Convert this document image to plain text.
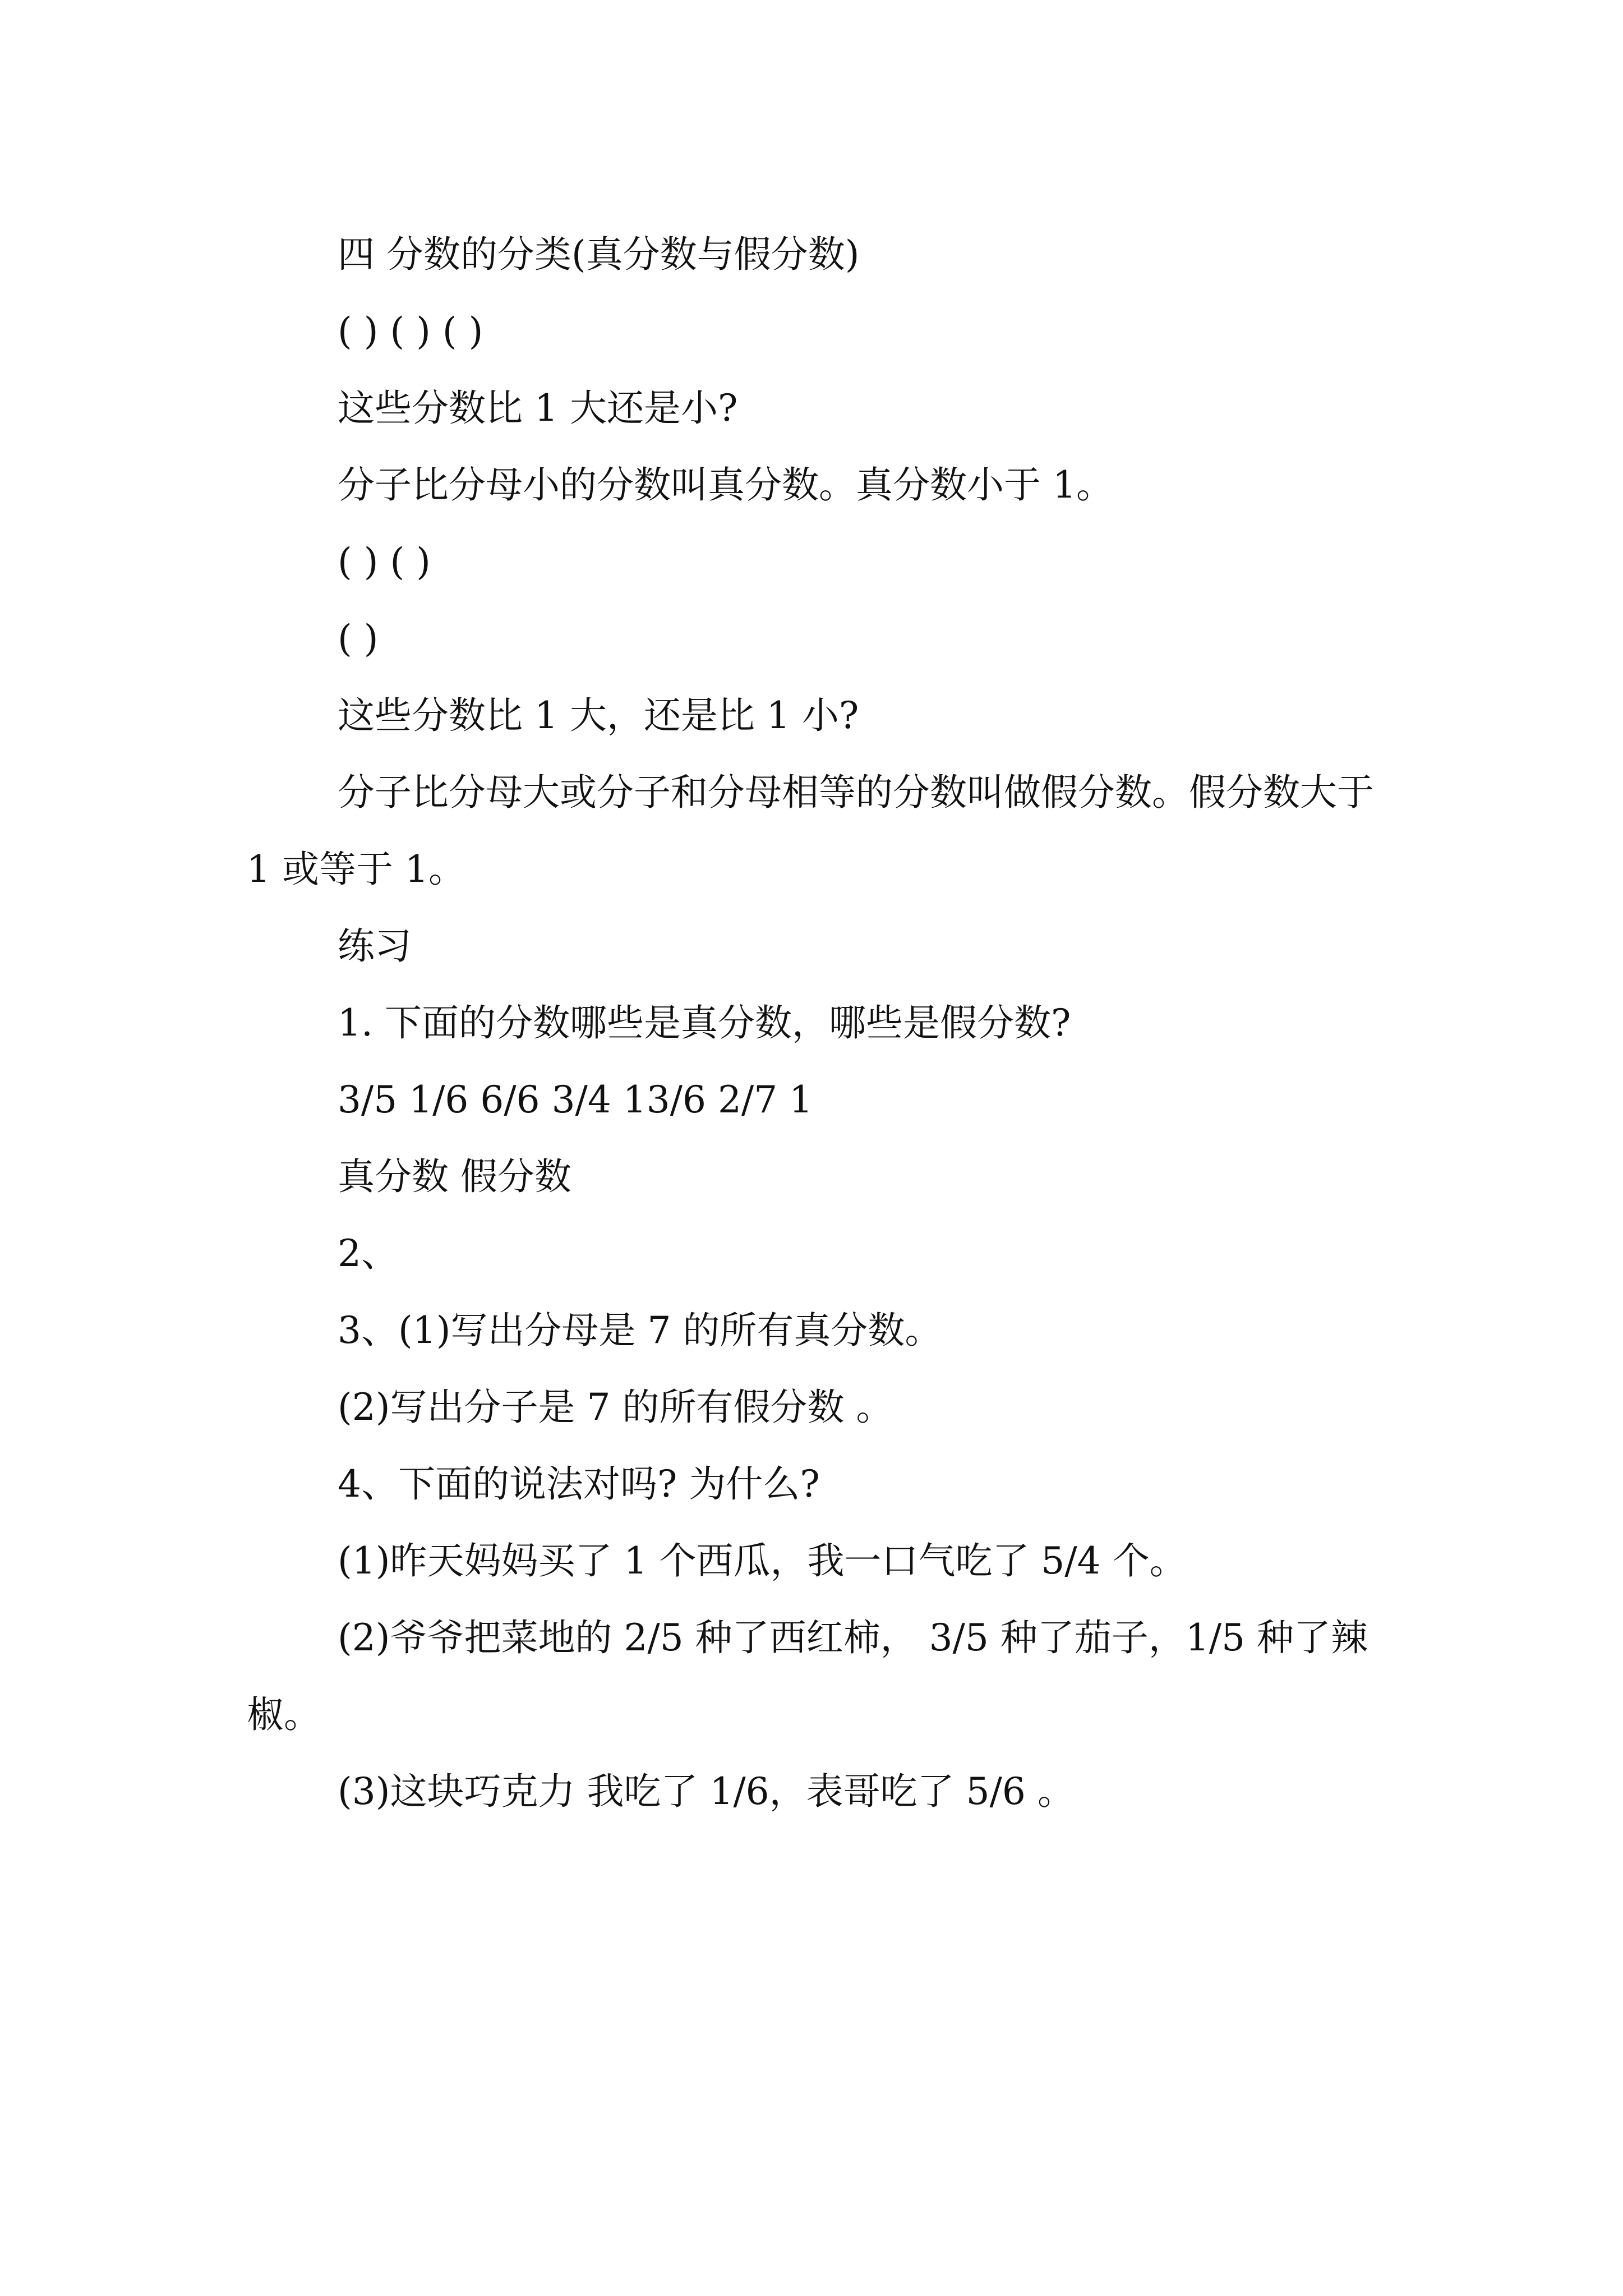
四 分数的分类(真分数与假分数)
( ) ( ) ( )
这些分数比 1 大还是小?
分子比分母小的分数叫真分数。真分数小于 1。
( ) ( )
( )
这些分数比 1 大，还是比 1 小?
分子比分母大或分子和分母相等的分数叫做假分数。假分数大于 1 或等于 1。
练习
1. 下面的分数哪些是真分数，哪些是假分数?
3/5 1/6 6/6 3/4 13/6 2/7 1
真分数 假分数
2、
3、(1)写出分母是 7 的所有真分数。
(2)写出分子是 7 的所有假分数 。
4、下面的说法对吗? 为什么?
(1)昨天妈妈买了 1 个西瓜，我一口气吃了 5/4 个。
(2)爷爷把菜地的 2/5 种了西红柿， 3/5 种了茄子，1/5 种了辣椒。
(3)这块巧克力 我吃了 1/6，表哥吃了 5/6 。
